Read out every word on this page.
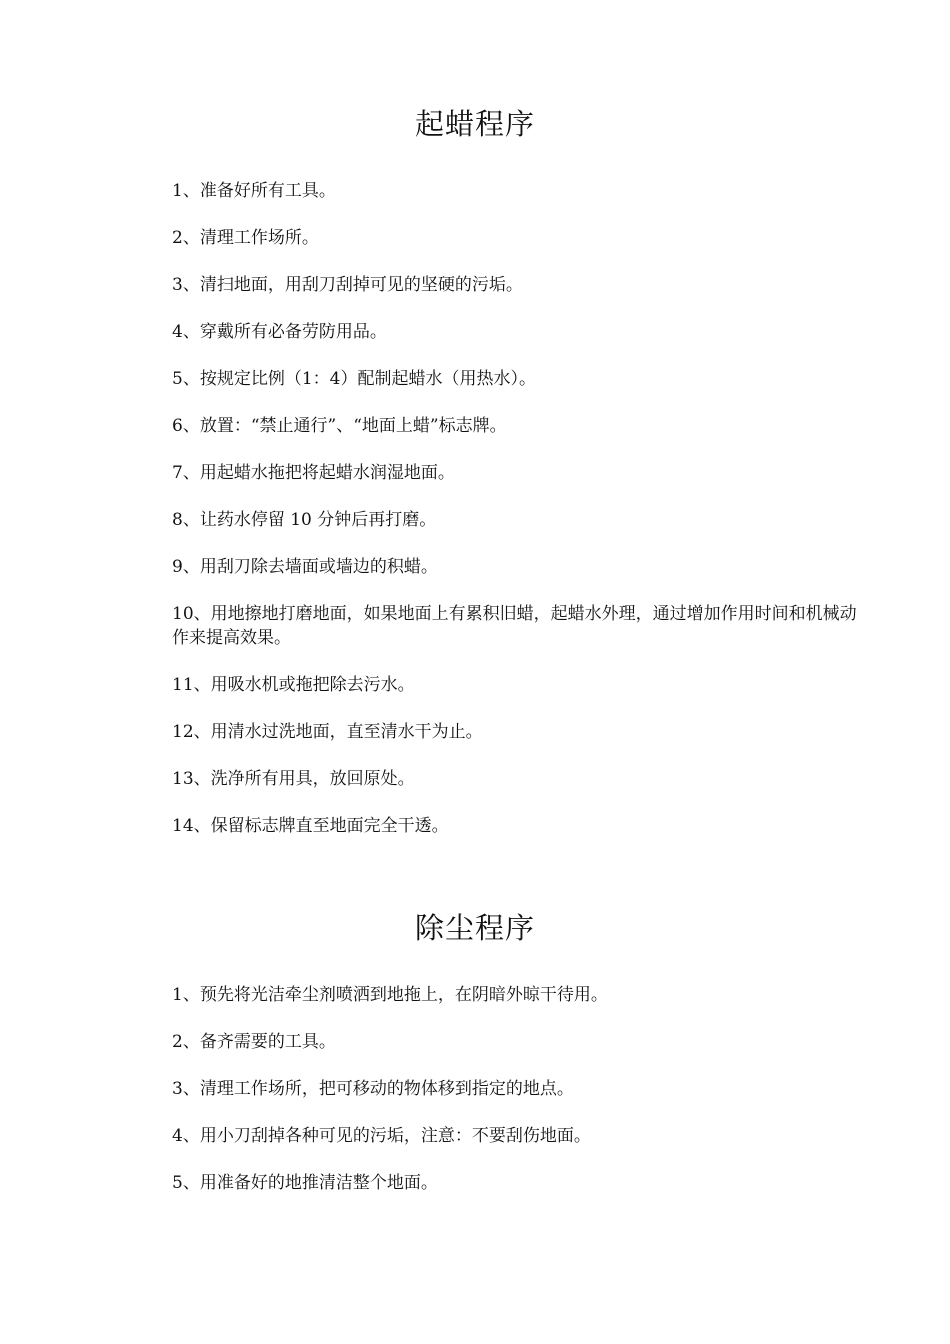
起蜡程序
1、准备好所有工具。
2、清理工作场所。
3、清扫地面，用刮刀刮掉可见的坚硬的污垢。
4、穿戴所有必备劳防用品。
5、按规定比例（1：4）配制起蜡水（用热水）。
6、放置：“禁止通行”、“地面上蜡”标志牌。
7、用起蜡水拖把将起蜡水润湿地面。
8、让药水停留 10 分钟后再打磨。
9、用刮刀除去墙面或墙边的积蜡。
10、用地擦地打磨地面，如果地面上有累积旧蜡，起蜡水外理，通过增加作用时间和机械动作来提高效果。
11、用吸水机或拖把除去污水。
12、用清水过洗地面，直至清水干为止。
13、洗净所有用具，放回原处。
14、保留标志牌直至地面完全干透。
除尘程序
1、预先将光洁牵尘剂喷洒到地拖上，在阴暗外晾干待用。
2、备齐需要的工具。
3、清理工作场所，把可移动的物体移到指定的地点。
4、用小刀刮掉各种可见的污垢，注意：不要刮伤地面。
5、用准备好的地推清洁整个地面。
